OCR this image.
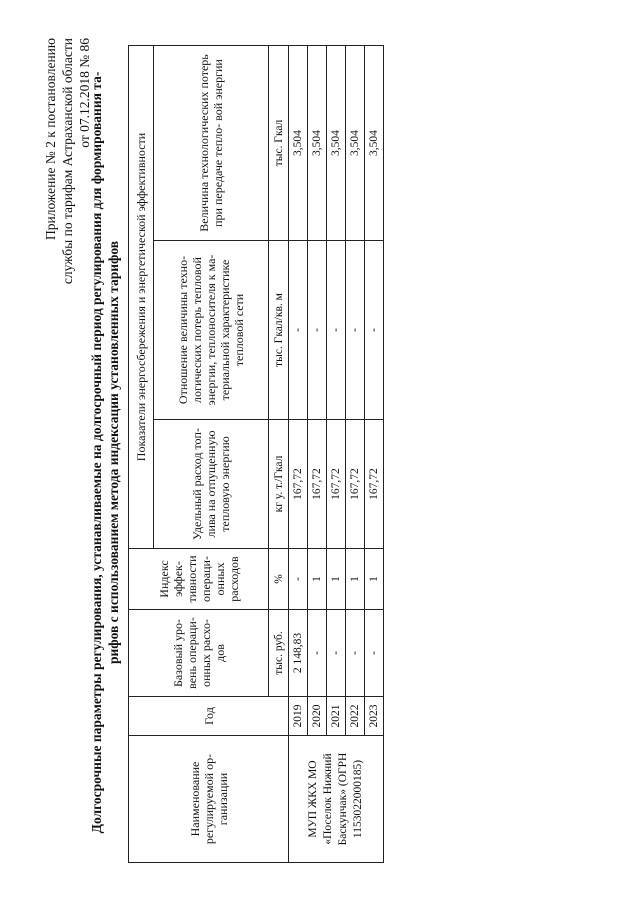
Приложение № 2 к постановлению службы по тарифам Астраханской области от 07.12.2018 № 86
Долгосрочные параметры регулирования, устанавливаемые на долгосрочный период регулирования для формирования та- рифов с использованием метода индексации установленных тарифов
Наименование регулируемой ор- ганизации	Год	Базовый уро- вень операци- онных расхо- дов	Индекс эффек- тивности операци- онных расходов	Показатели энергосбережения и энергетической эффективности		
				Удельный расход топ- лива на отпущенную тепловую энергию	Отношение величины техно- логических потерь тепловой энергии, теплоносителя к ма- териальной характеристике тепловой сети	Величина технологических потерь при передаче тепло- вой энергии
		тыс. руб.	%	кг у. т./Гкал	тыс. Гкал/кв. м	тыс. Гкал
МУП ЖКХ МО «Поселок Нижний Баскунчак» (ОГРН 1153022000185)	2019	2 148,83	-	167,72	-	3,504
	2020	-	1	167,72	-	3,504
	2021	-	1	167,72	-	3,504
	2022	-	1	167,72	-	3,504
	2023	-	1	167,72	-	3,504
